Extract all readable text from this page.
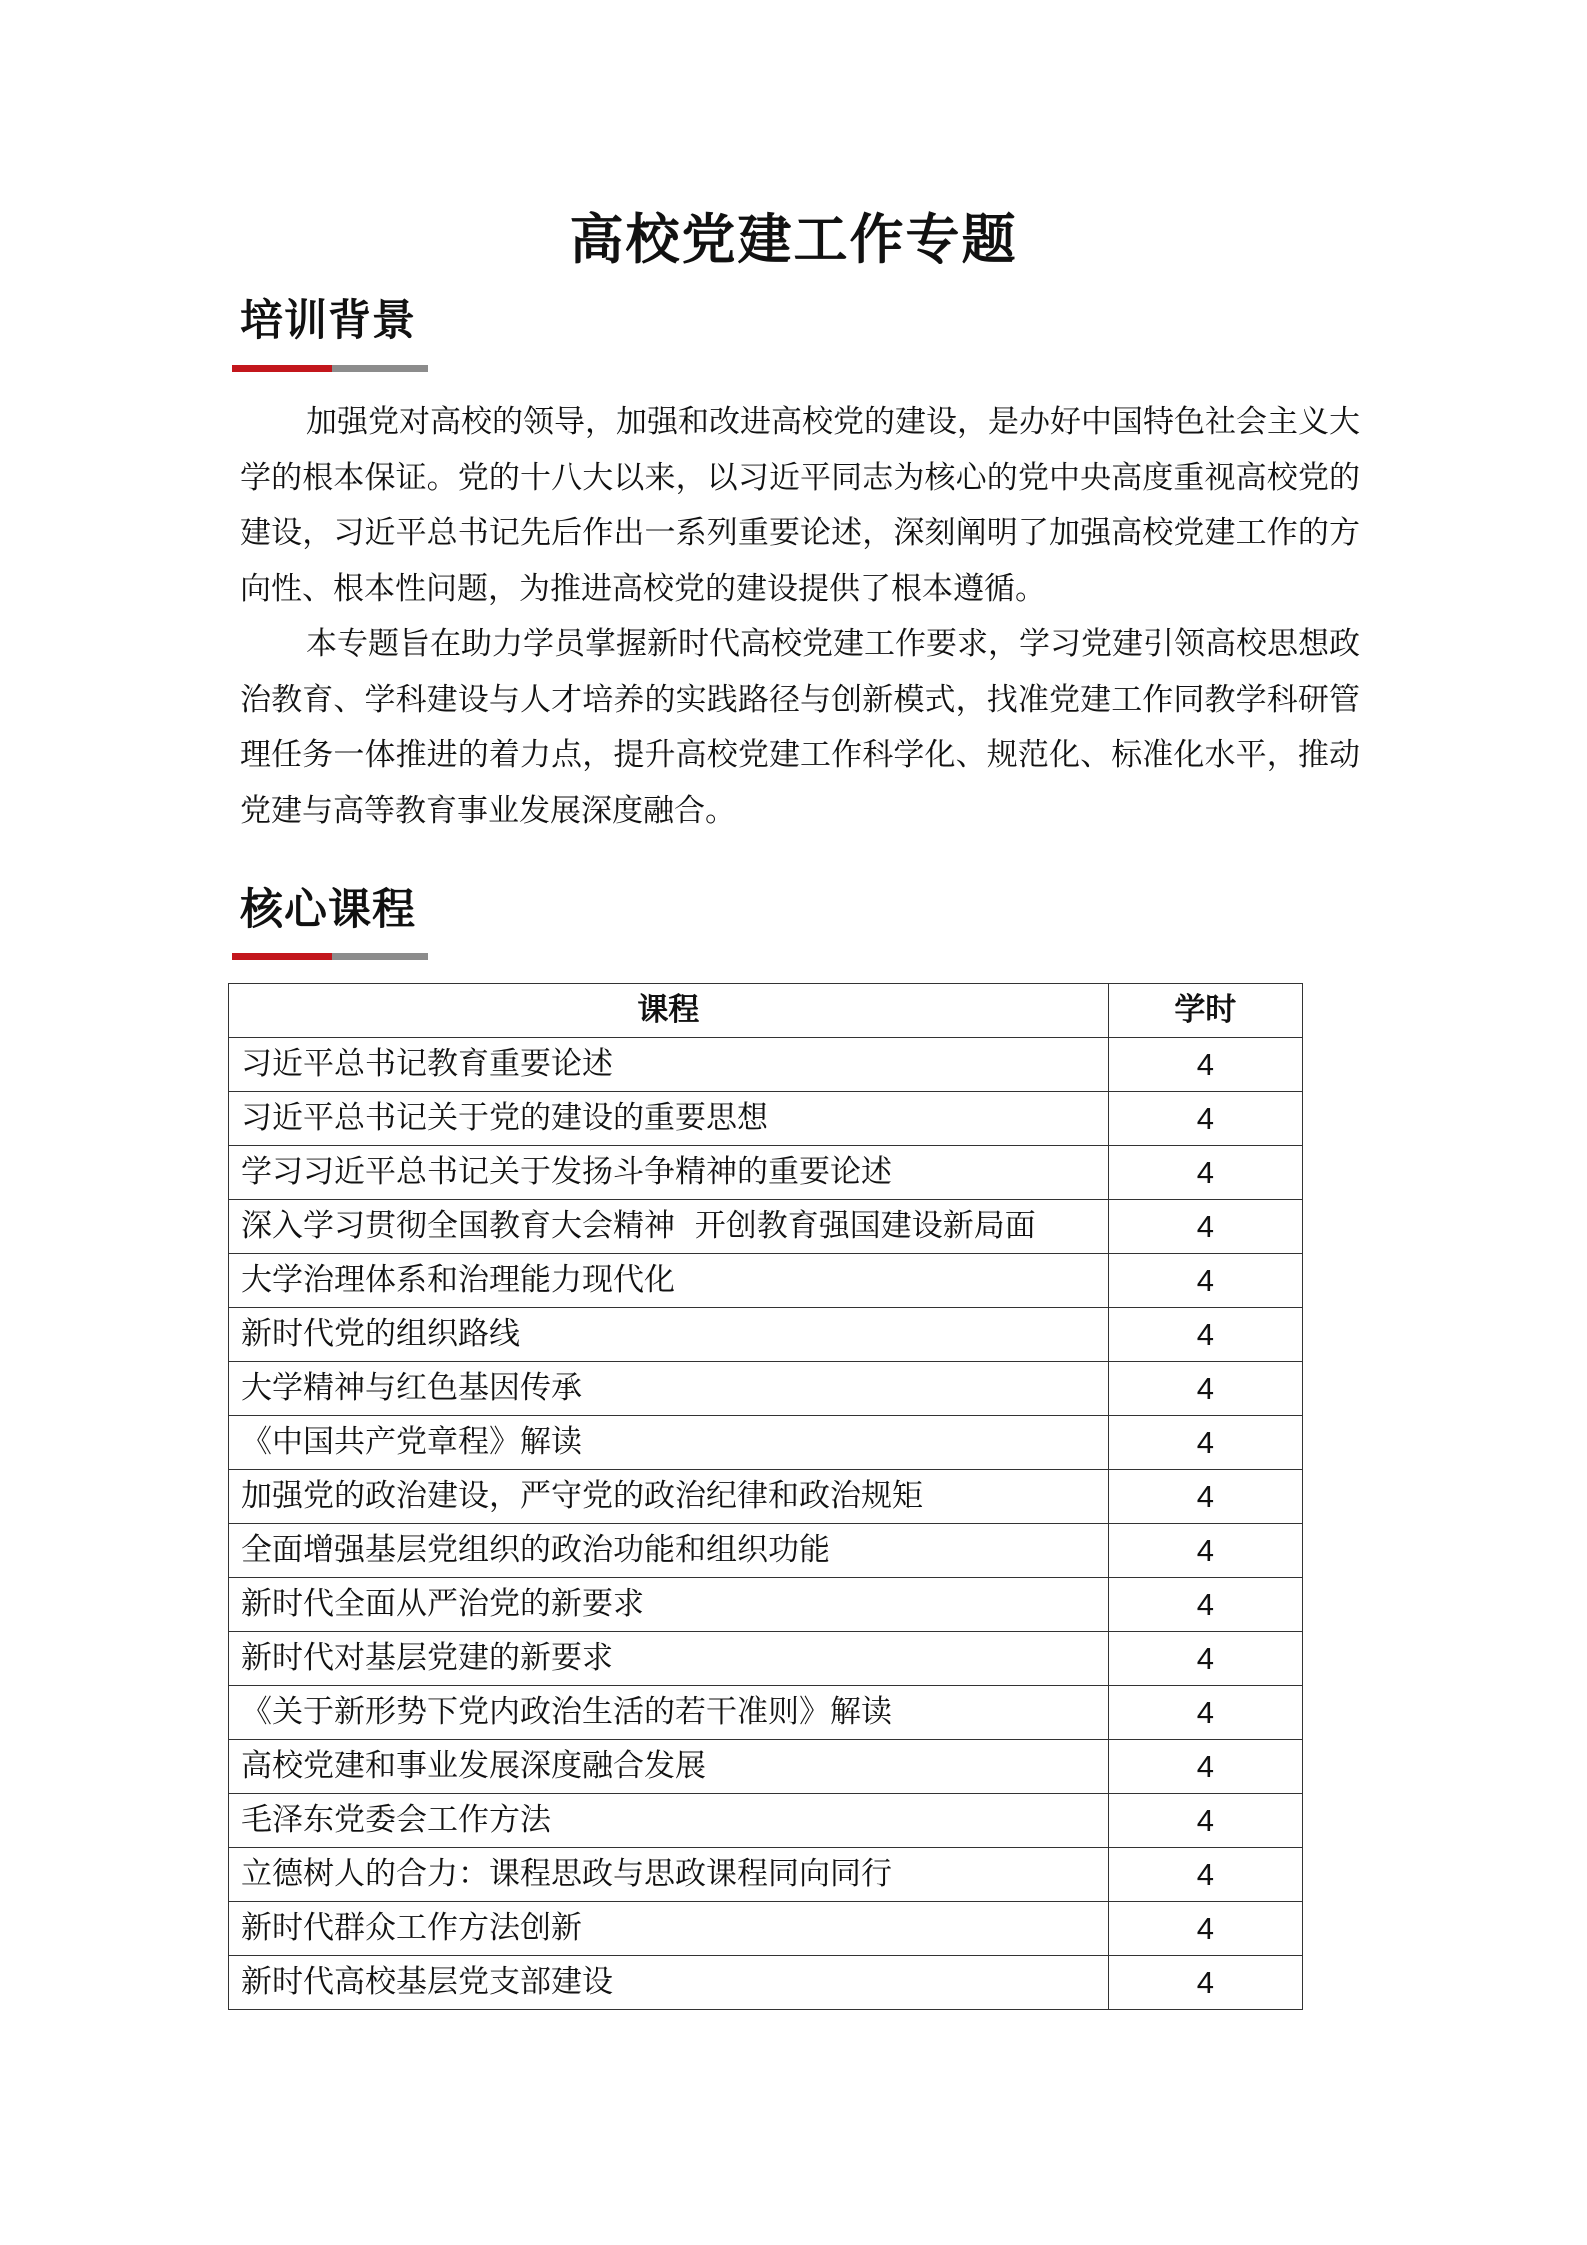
高校党建工作专题
培训背景

加强党对高校的领导，加强和改进高校党的建设，是办好中国特色社会主义大学的根本保证。党的十八大以来，以习近平同志为核心的党中央高度重视高校党的建设，习近平总书记先后作出一系列重要论述，深刻阐明了加强高校党建工作的方向性、根本性问题，为推进高校党的建设提供了根本遵循。

本专题旨在助力学员掌握新时代高校党建工作要求，学习党建引领高校思想政治教育、学科建设与人才培养的实践路径与创新模式，找准党建工作同教学科研管理任务一体推进的着力点，提升高校党建工作科学化、规范化、标准化水平，推动党建与高等教育事业发展深度融合。

核心课程
课程	学时
习近平总书记教育重要论述	4
习近平总书记关于党的建设的重要思想	4
学习习近平总书记关于发扬斗争精神的重要论述	4
深入学习贯彻全国教育大会精神  开创教育强国建设新局面	4
大学治理体系和治理能力现代化	4
新时代党的组织路线	4
大学精神与红色基因传承	4
《中国共产党章程》解读	4
加强党的政治建设，严守党的政治纪律和政治规矩	4
全面增强基层党组织的政治功能和组织功能	4
新时代全面从严治党的新要求	4
新时代对基层党建的新要求	4
《关于新形势下党内政治生活的若干准则》解读	4
高校党建和事业发展深度融合发展	4
毛泽东党委会工作方法	4
立德树人的合力：课程思政与思政课程同向同行	4
新时代群众工作方法创新	4
新时代高校基层党支部建设	4
